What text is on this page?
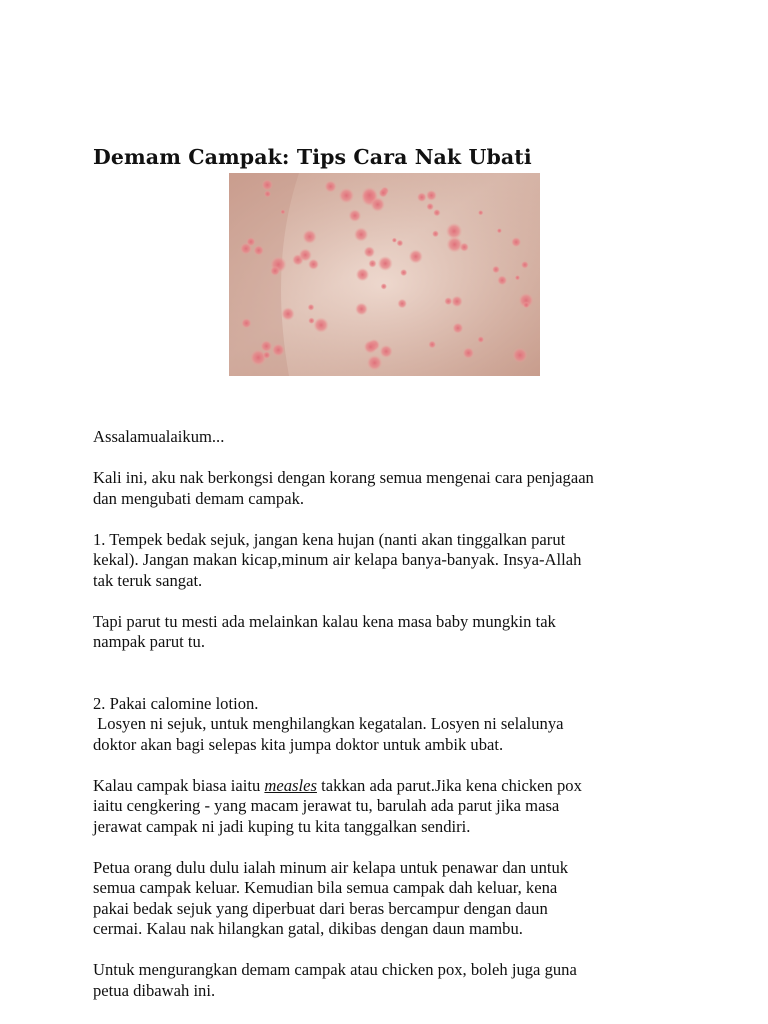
Demam Campak: Tips Cara Nak Ubati

Assalamualaikum...

Kali ini, aku nak berkongsi dengan korang semua mengenai cara penjagaan
dan mengubati demam campak.

1. Tempek bedak sejuk, jangan kena hujan (nanti akan tinggalkan parut
kekal). Jangan makan kicap,minum air kelapa banya-banyak. Insya-Allah
tak teruk sangat.

Tapi parut tu mesti ada melainkan kalau kena masa baby mungkin tak
nampak parut tu.

2. Pakai calomine lotion.
Losyen ni sejuk, untuk menghilangkan kegatalan. Losyen ni selalunya
doktor akan bagi selepas kita jumpa doktor untuk ambik ubat.

Kalau campak biasa iaitu measles takkan ada parut.Jika kena chicken pox
iaitu cengkering - yang macam jerawat tu, barulah ada parut jika masa
jerawat campak ni jadi kuping tu kita tanggalkan sendiri.

Petua orang dulu dulu ialah minum air kelapa untuk penawar dan untuk
semua campak keluar. Kemudian bila semua campak dah keluar, kena
pakai bedak sejuk yang diperbuat dari beras bercampur dengan daun
cermai. Kalau nak hilangkan gatal, dikibas dengan daun mambu.

Untuk mengurangkan demam campak atau chicken pox, boleh juga guna
petua dibawah ini.
